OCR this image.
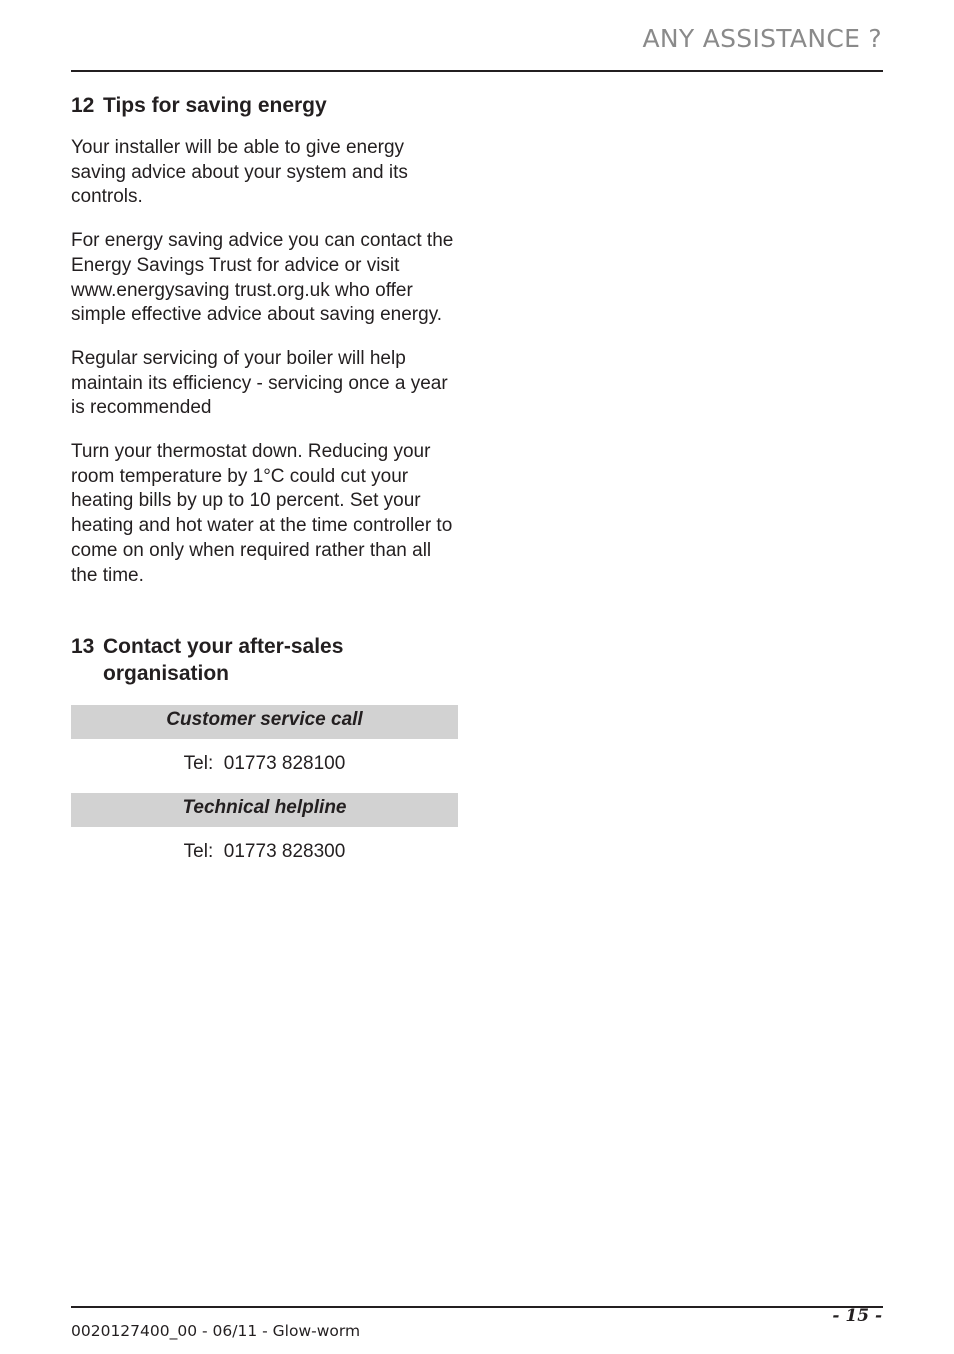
ANY ASSISTANCE ?
12 Tips for saving energy

Your installer will be able to give energy saving advice about your system and its controls.

For energy saving advice you can contact the Energy Savings Trust for advice or visit www.energysaving trust.org.uk who offer simple effective advice about saving energy.

Regular servicing of your boiler will help maintain its efficiency - servicing once a year is recommended

Turn your thermostat down. Reducing your room temperature by 1°C could cut your heating bills by up to 10 percent. Set your heating and hot water at the time controller to come on only when required rather than all the time.

13 Contact your after-sales organisation
Customer service call
Tel:  01773 828100
Technical helpline
Tel:  01773 828300
- 15 -
0020127400_00 - 06/11 - Glow-worm
